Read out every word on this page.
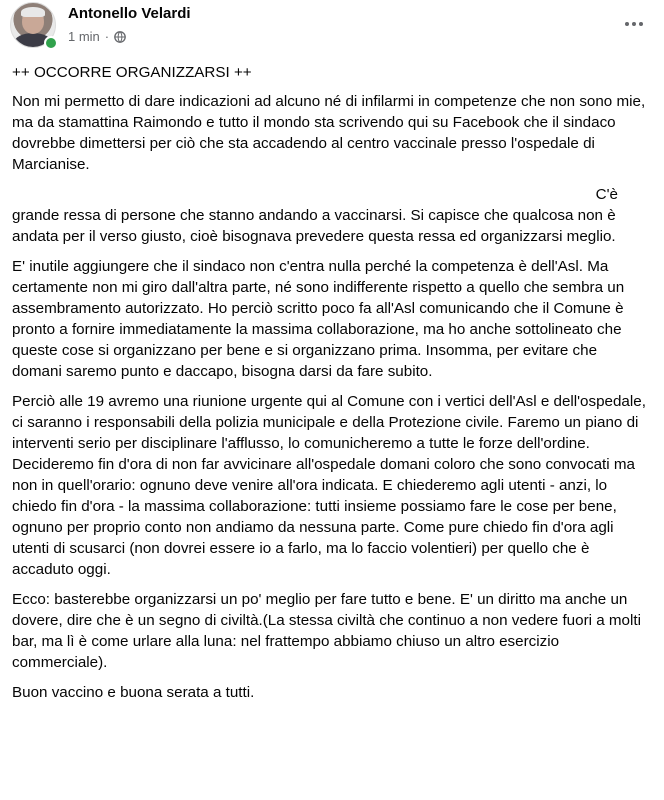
Antonello Velardi
1 min ·

++ OCCORRE ORGANIZZARSI ++

Non mi permetto di dare indicazioni ad alcuno né di infilarmi in competenze che non sono mie, ma da stamattina Raimondo e tutto il mondo sta scrivendo qui su Facebook che il sindaco dovrebbe dimettersi per ciò che sta accadendo al centro vaccinale presso l'ospedale di Marcianise.

C'è

grande ressa di persone che stanno andando a vaccinarsi. Si capisce che qualcosa non è andata per il verso giusto, cioè bisognava prevedere questa ressa ed organizzarsi meglio.

E' inutile aggiungere che il sindaco non c'entra nulla perché la competenza è dell'Asl. Ma certamente non mi giro dall'altra parte, né sono indifferente rispetto a quello che sembra un assembramento autorizzato. Ho perciò scritto poco fa all'Asl comunicando che il Comune è pronto a fornire immediatamente la massima collaborazione, ma ho anche sottolineato che queste cose si organizzano per bene e si organizzano prima. Insomma, per evitare che domani saremo punto e daccapo, bisogna darsi da fare subito.

Perciò alle 19 avremo una riunione urgente qui al Comune con i vertici dell'Asl e dell'ospedale, ci saranno i responsabili della polizia municipale e della Protezione civile. Faremo un piano di interventi serio per disciplinare l'afflusso, lo comunicheremo a tutte le forze dell'ordine. Decideremo fin d'ora di non far avvicinare all'ospedale domani coloro che sono convocati ma non in quell'orario: ognuno deve venire all'ora indicata. E chiederemo agli utenti - anzi, lo chiedo fin d'ora - la massima collaborazione: tutti insieme possiamo fare le cose per bene, ognuno per proprio conto non andiamo da nessuna parte. Come pure chiedo fin d'ora agli utenti di scusarci (non dovrei essere io a farlo, ma lo faccio volentieri) per quello che è accaduto oggi.

Ecco: basterebbe organizzarsi un po' meglio per fare tutto e bene. E' un diritto ma anche un dovere, dire che è un segno di civiltà.(La stessa civiltà che continuo a non vedere fuori a molti bar, ma lì è come urlare alla luna: nel frattempo abbiamo chiuso un altro esercizio commerciale).

Buon vaccino e buona serata a tutti.
